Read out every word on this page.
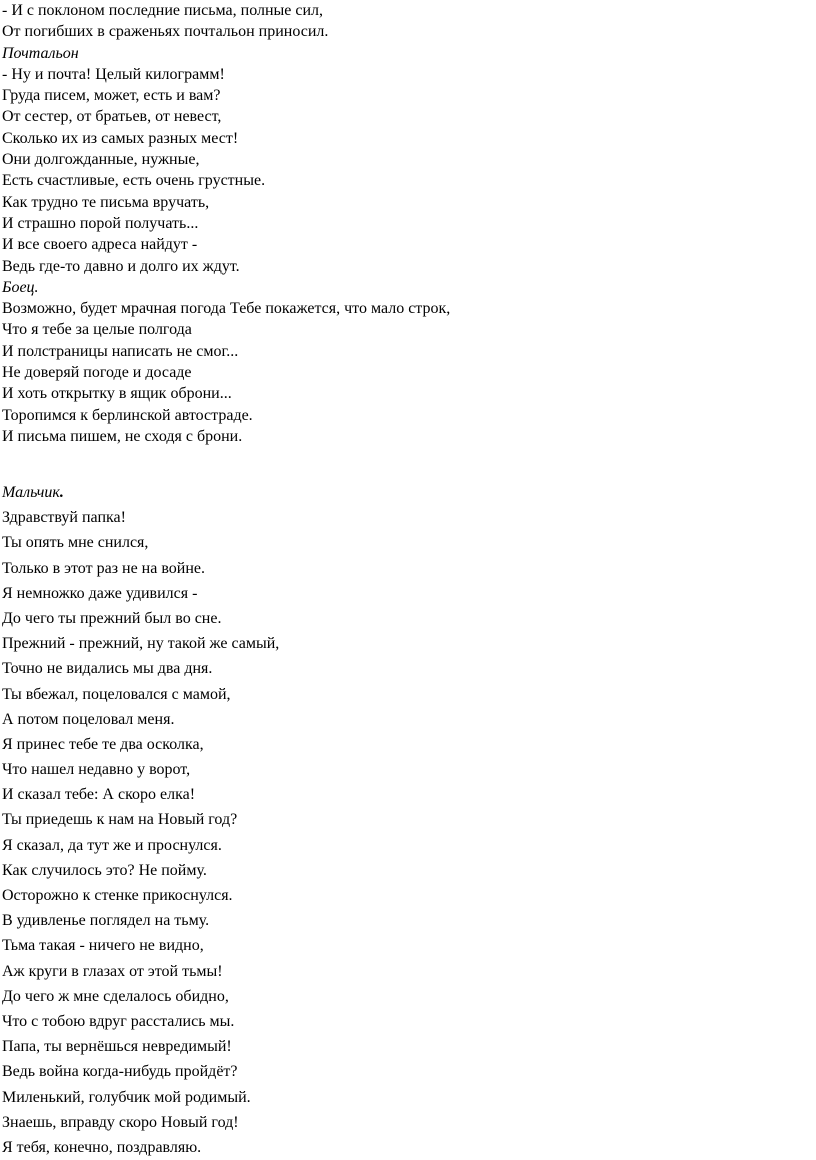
- И с поклоном последние письма, полные сил,
От погибших в сраженьях почтальон приносил.
Почтальон
- Ну и почта! Целый килограмм!
Груда писем, может, есть и вам?
От сестер, от братьев, от невест,
Сколько их из самых разных мест!
Они долгожданные, нужные,
Есть счастливые, есть очень грустные.
Как трудно те письма вручать,
И страшно порой получать...
И все своего адреса найдут -
Ведь где-то давно и долго их ждут.
Боец.
Возможно, будет мрачная погода Тебе покажется, что мало строк,
Что я тебе за целые полгода
И полстраницы написать не смог...
Не доверяй погоде и досаде
И хоть открытку в ящик оброни...
Торопимся к берлинской автостраде.
И письма пишем, не сходя с брони.
Мальчик.
Здравствуй папка!
Ты опять мне снился,
Только в этот раз не на войне.
Я немножко даже удивился -
До чего ты прежний был во сне.
Прежний - прежний, ну такой же самый,
Точно не видались мы два дня.
Ты вбежал, поцеловался с мамой,
А потом поцеловал меня.
Я принес тебе те два осколка,
Что нашел недавно у ворот,
И сказал тебе: А скоро елка!
Ты приедешь к нам на Новый год?
Я сказал, да тут же и проснулся.
Как случилось это? Не пойму.
Осторожно к стенке прикоснулся.
В удивленье поглядел на тьму.
Тьма такая - ничего не видно,
Аж круги в глазах от этой тьмы!
До чего ж мне сделалось обидно,
Что с тобою вдруг расстались мы.
Папа, ты вернёшься невредимый!
Ведь война когда-нибудь пройдёт?
Миленький, голубчик мой родимый.
Знаешь, вправду скоро Новый год!
Я тебя, конечно, поздравляю.
